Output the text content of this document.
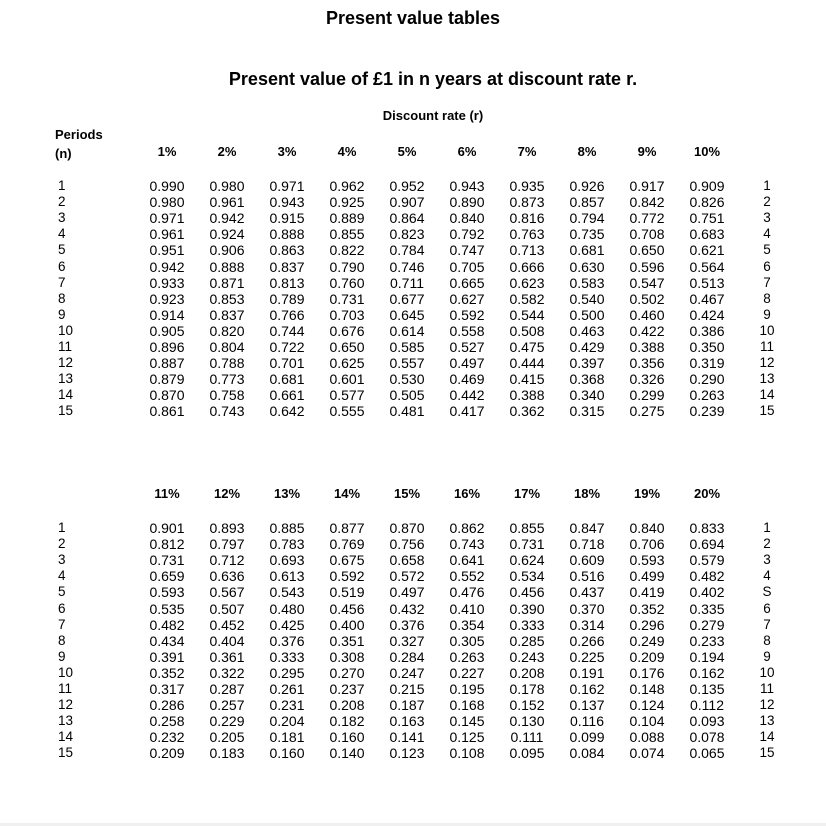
Present value tables
Present value of £1 in n years at discount rate r.
Discount rate (r)
Periods
(n)	1%	2%	3%	4%	5%	6%	7%	8%	9%	10%
1	0.990	0.980	0.971	0.962	0.952	0.943	0.935	0.926	0.917	0.909	1
2	0.980	0.961	0.943	0.925	0.907	0.890	0.873	0.857	0.842	0.826	2
3	0.971	0.942	0.915	0.889	0.864	0.840	0.816	0.794	0.772	0.751	3
4	0.961	0.924	0.888	0.855	0.823	0.792	0.763	0.735	0.708	0.683	4
5	0.951	0.906	0.863	0.822	0.784	0.747	0.713	0.681	0.650	0.621	5
6	0.942	0.888	0.837	0.790	0.746	0.705	0.666	0.630	0.596	0.564	6
7	0.933	0.871	0.813	0.760	0.711	0.665	0.623	0.583	0.547	0.513	7
8	0.923	0.853	0.789	0.731	0.677	0.627	0.582	0.540	0.502	0.467	8
9	0.914	0.837	0.766	0.703	0.645	0.592	0.544	0.500	0.460	0.424	9
10	0.905	0.820	0.744	0.676	0.614	0.558	0.508	0.463	0.422	0.386	10
11	0.896	0.804	0.722	0.650	0.585	0.527	0.475	0.429	0.388	0.350	11
12	0.887	0.788	0.701	0.625	0.557	0.497	0.444	0.397	0.356	0.319	12
13	0.879	0.773	0.681	0.601	0.530	0.469	0.415	0.368	0.326	0.290	13
14	0.870	0.758	0.661	0.577	0.505	0.442	0.388	0.340	0.299	0.263	14
15	0.861	0.743	0.642	0.555	0.481	0.417	0.362	0.315	0.275	0.239	15
11%	12%	13%	14%	15%	16%	17%	18%	19%	20%
1	0.901	0.893	0.885	0.877	0.870	0.862	0.855	0.847	0.840	0.833	1
2	0.812	0.797	0.783	0.769	0.756	0.743	0.731	0.718	0.706	0.694	2
3	0.731	0.712	0.693	0.675	0.658	0.641	0.624	0.609	0.593	0.579	3
4	0.659	0.636	0.613	0.592	0.572	0.552	0.534	0.516	0.499	0.482	4
5	0.593	0.567	0.543	0.519	0.497	0.476	0.456	0.437	0.419	0.402	S
6	0.535	0.507	0.480	0.456	0.432	0.410	0.390	0.370	0.352	0.335	6
7	0.482	0.452	0.425	0.400	0.376	0.354	0.333	0.314	0.296	0.279	7
8	0.434	0.404	0.376	0.351	0.327	0.305	0.285	0.266	0.249	0.233	8
9	0.391	0.361	0.333	0.308	0.284	0.263	0.243	0.225	0.209	0.194	9
10	0.352	0.322	0.295	0.270	0.247	0.227	0.208	0.191	0.176	0.162	10
11	0.317	0.287	0.261	0.237	0.215	0.195	0.178	0.162	0.148	0.135	11
12	0.286	0.257	0.231	0.208	0.187	0.168	0.152	0.137	0.124	0.112	12
13	0.258	0.229	0.204	0.182	0.163	0.145	0.130	0.116	0.104	0.093	13
14	0.232	0.205	0.181	0.160	0.141	0.125	0.111	0.099	0.088	0.078	14
15	0.209	0.183	0.160	0.140	0.123	0.108	0.095	0.084	0.074	0.065	15
